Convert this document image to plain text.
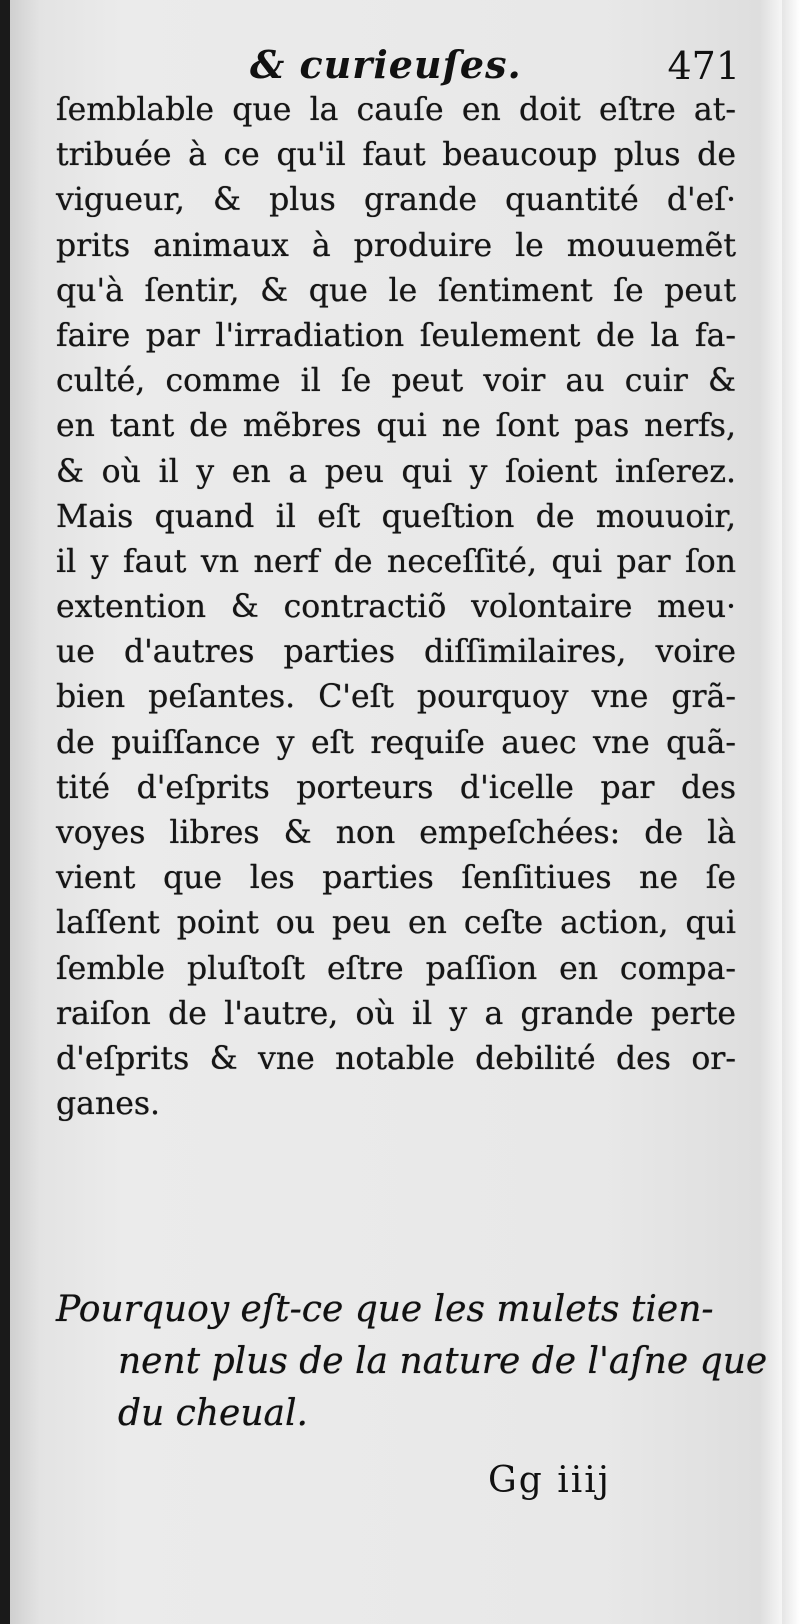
& curieuſes.	471
ſemblable que la cauſe en doit eſtre at-
tribuée à ce qu'il faut beaucoup plus de
vigueur, & plus grande quantité d'eſ·
prits animaux à produire le mouuemẽt
qu'à ſentir, & que le ſentiment ſe peut
faire par l'irradiation ſeulement de la fa-
culté, comme il ſe peut voir au cuir &
en tant de mẽbres qui ne ſont pas nerfs,
& où il y en a peu qui y ſoient inſerez.
Mais quand il eſt queſtion de mouuoir,
il y faut vn nerf de neceſſité, qui par ſon
extention & contractiõ volontaire meu·
ue d'autres parties diſſimilaires, voire
bien peſantes. C'eſt pourquoy vne grã-
de puiſſance y eſt requiſe auec vne quã-
tité d'eſprits porteurs d'icelle par des
voyes libres & non empeſchées: de là
vient que les parties ſenſitiues ne ſe
laſſent point ou peu en ceſte action, qui
ſemble pluſtoſt eſtre paſſion en compa-
raiſon de l'autre, où il y a grande perte
d'eſprits & vne notable debilité des or-
ganes.
Pourquoy eſt-ce que les mulets tien-
nent plus de la nature de l'aſne que
du cheual.
Gg iiij
